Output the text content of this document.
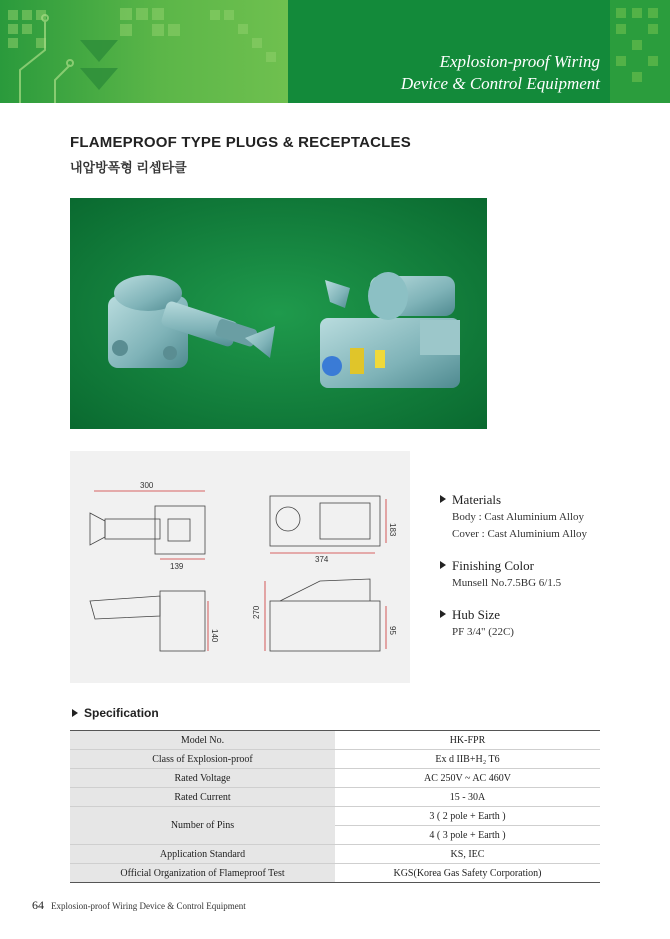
Explosion-proof Wiring
Device & Control Equipment
FLAMEPROOF TYPE PLUGS & RECEPTACLES
내압방폭형 리셉타클
300
139
374
183
140
270
95
Materials
Body : Cast Aluminium Alloy
Cover : Cast Aluminium Alloy
Finishing Color
Munsell No.7.5BG 6/1.5
Hub Size
PF 3/4" (22C)
Specification
Model No.	HK-FPR
Class of Explosion-proof	Ex d IIB+H₂ T6
Rated Voltage	AC 250V ~ AC 460V
Rated Current	15 - 30A
Number of Pins	3 ( 2 pole + Earth )
	4 ( 3 pole + Earth )
Application Standard	KS, IEC
Official Organization of Flameproof Test	KGS(Korea Gas Safety Corporation)
64 Explosion-proof Wiring Device & Control Equipment
